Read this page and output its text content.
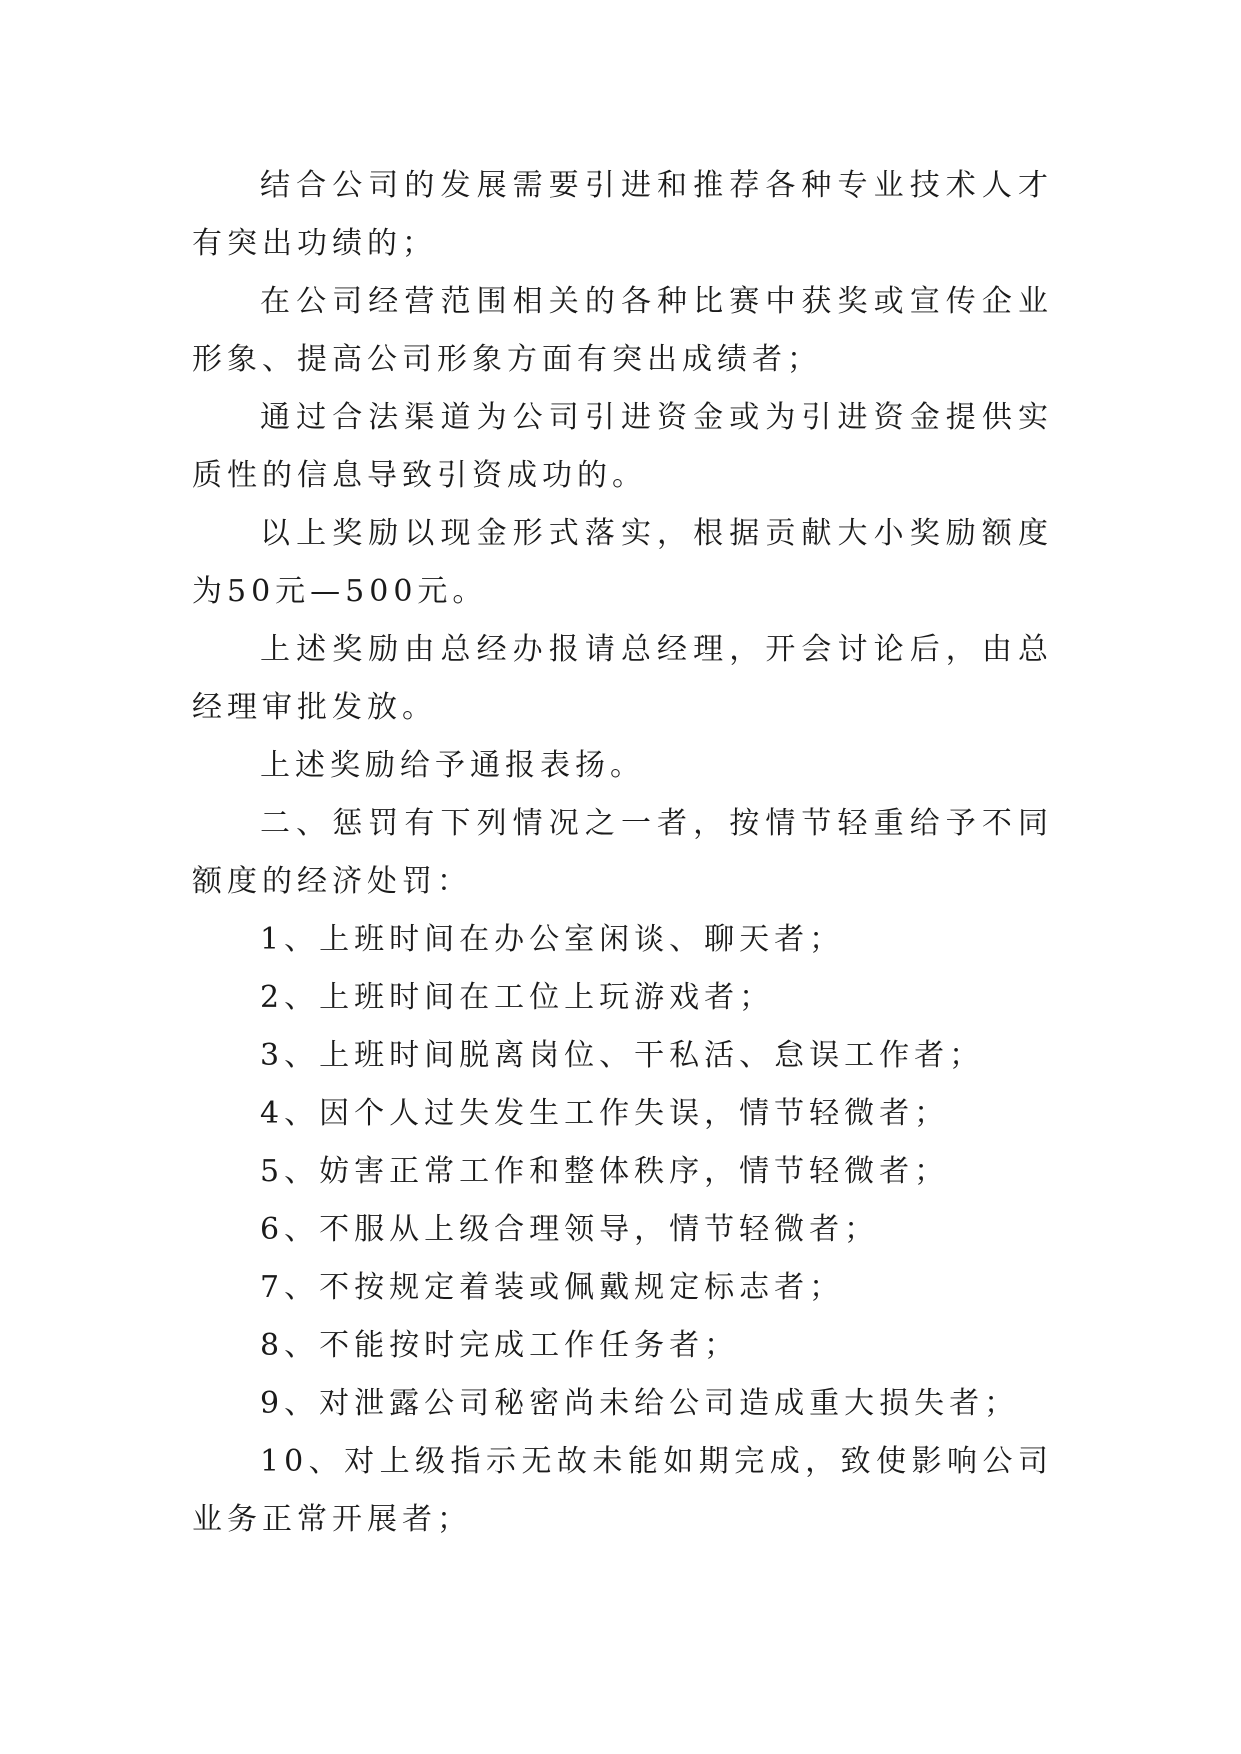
结合公司的发展需要引进和推荐各种专业技术人才有突出功绩的；

在公司经营范围相关的各种比赛中获奖或宣传企业形象、提高公司形象方面有突出成绩者；

通过合法渠道为公司引进资金或为引进资金提供实质性的信息导致引资成功的。

以上奖励以现金形式落实，根据贡献大小奖励额度为50元—500元。

上述奖励由总经办报请总经理，开会讨论后，由总经理审批发放。

上述奖励给予通报表扬。

二、惩罚有下列情况之一者，按情节轻重给予不同额度的经济处罚：

1、上班时间在办公室闲谈、聊天者；

2、上班时间在工位上玩游戏者；

3、上班时间脱离岗位、干私活、怠误工作者；

4、因个人过失发生工作失误，情节轻微者；

5、妨害正常工作和整体秩序，情节轻微者；

6、不服从上级合理领导，情节轻微者；

7、不按规定着装或佩戴规定标志者；

8、不能按时完成工作任务者；

9、对泄露公司秘密尚未给公司造成重大损失者；

10、对上级指示无故未能如期完成，致使影响公司业务正常开展者；
